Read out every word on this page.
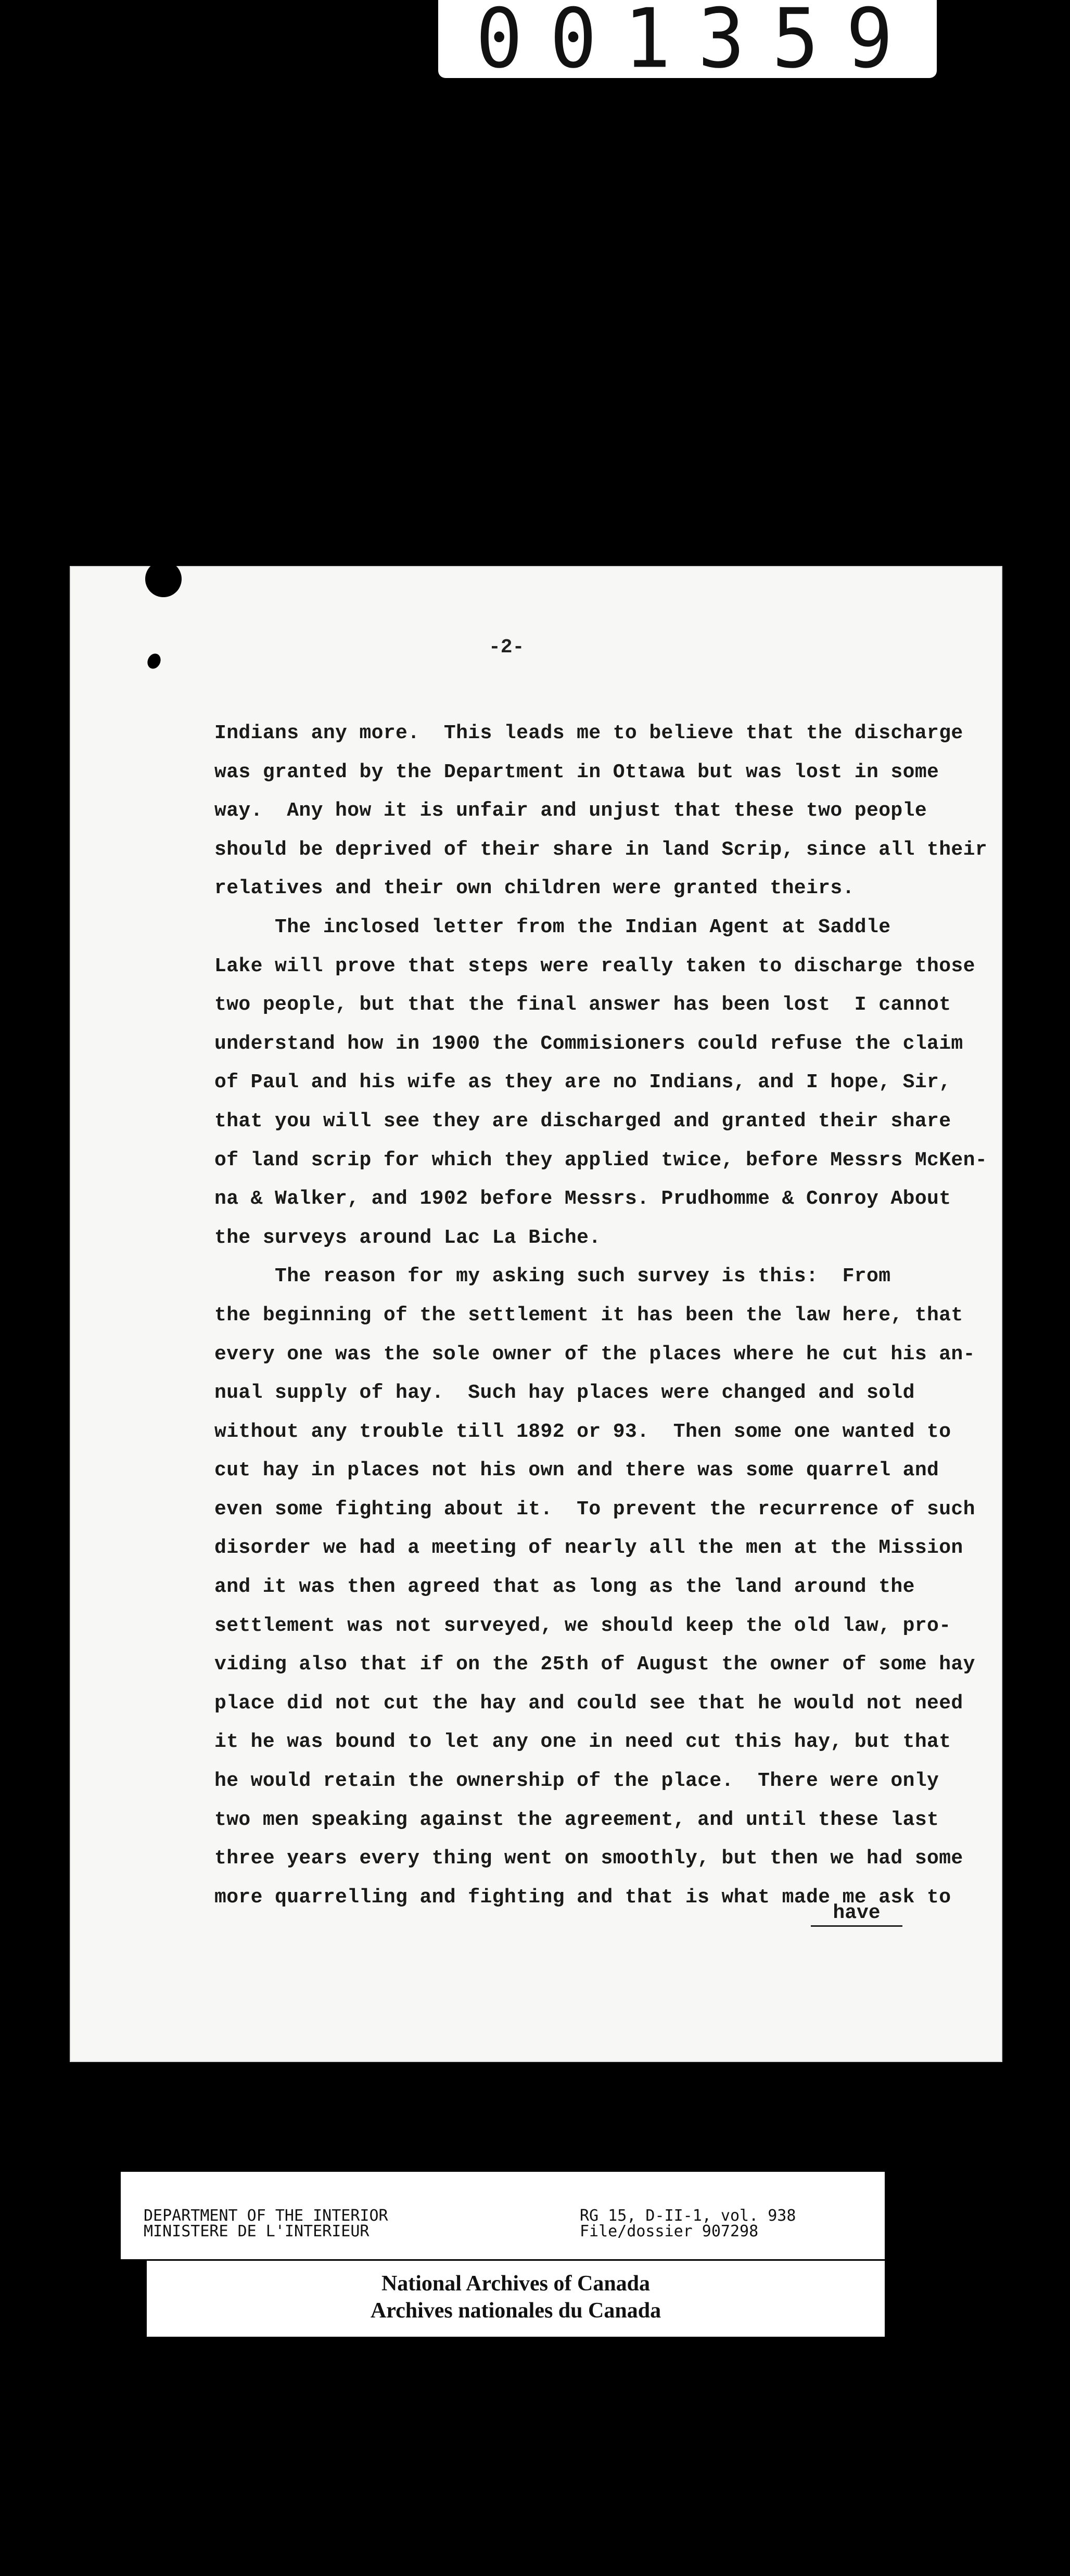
001359
-2-
Indians any more.  This leads me to believe that the discharge
was granted by the Department in Ottawa but was lost in some
way.  Any how it is unfair and unjust that these two people
should be deprived of their share in land Scrip, since all their
relatives and their own children were granted theirs.
The inclosed letter from the Indian Agent at Saddle
Lake will prove that steps were really taken to discharge those
two people, but that the final answer has been lost  I cannot
understand how in 1900 the Commisioners could refuse the claim
of Paul and his wife as they are no Indians, and I hope, Sir,
that you will see they are discharged and granted their share
of land scrip for which they applied twice, before Messrs McKen-
na & Walker, and 1902 before Messrs. Prudhomme & Conroy About
the surveys around Lac La Biche.
The reason for my asking such survey is this:  From
the beginning of the settlement it has been the law here, that
every one was the sole owner of the places where he cut his an-
nual supply of hay.  Such hay places were changed and sold
without any trouble till 1892 or 93.  Then some one wanted to
cut hay in places not his own and there was some quarrel and
even some fighting about it.  To prevent the recurrence of such
disorder we had a meeting of nearly all the men at the Mission
and it was then agreed that as long as the land around the
settlement was not surveyed, we should keep the old law, pro-
viding also that if on the 25th of August the owner of some hay
place did not cut the hay and could see that he would not need
it he was bound to let any one in need cut this hay, but that
he would retain the ownership of the place.  There were only
two men speaking against the agreement, and until these last
three years every thing went on smoothly, but then we had some
more quarrelling and fighting and that is what made me ask to
have
DEPARTMENT OF THE INTERIOR
MINISTERE DE L'INTERIEUR
RG 15, D-II-1, vol. 938
File/dossier 907298
National Archives of Canada
Archives nationales du Canada
